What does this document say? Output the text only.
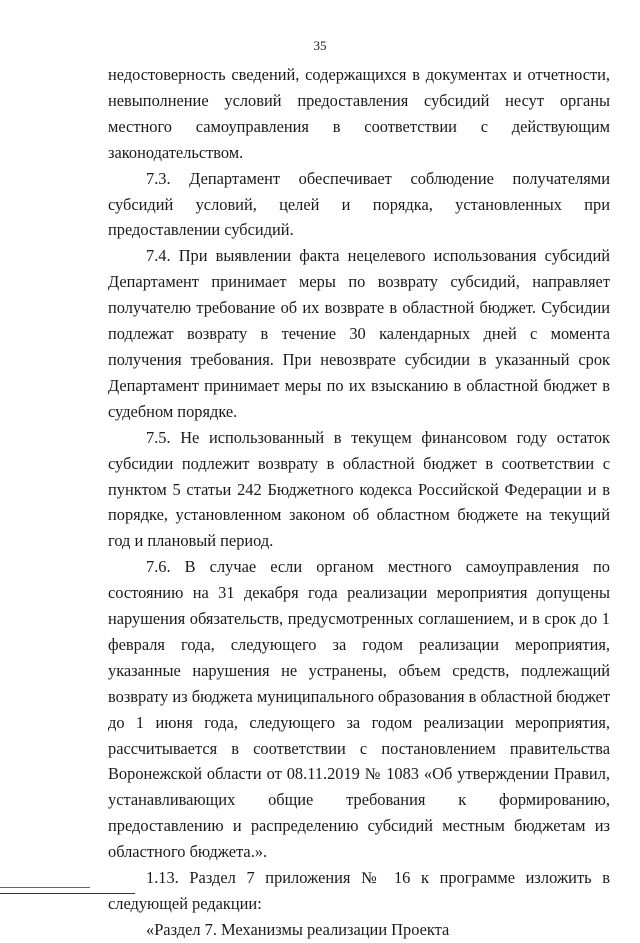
35

недостоверность сведений, содержащихся в документах и отчетности, невыполнение условий предоставления субсидий несут органы местного самоуправления в соответствии с действующим законодательством.

7.3. Департамент обеспечивает соблюдение получателями субсидий условий, целей и порядка, установленных при предоставлении субсидий.

7.4. При выявлении факта нецелевого использования субсидий Департамент принимает меры по возврату субсидий, направляет получателю требование об их возврате в областной бюджет. Субсидии подлежат возврату в течение 30 календарных дней с момента получения требования. При невозврате субсидии в указанный срок Департамент принимает меры по их взысканию в областной бюджет в судебном порядке.

7.5. Не использованный в текущем финансовом году остаток субсидии подлежит возврату в областной бюджет в соответствии с пунктом 5 статьи 242 Бюджетного кодекса Российской Федерации и в порядке, установленном законом об областном бюджете на текущий год и плановый период.

7.6. В случае если органом местного самоуправления по состоянию на 31 декабря года реализации мероприятия допущены нарушения обязательств, предусмотренных соглашением, и в срок до 1 февраля года, следующего за годом реализации мероприятия, указанные нарушения не устранены, объем средств, подлежащий возврату из бюджета муниципального образования в областной бюджет до 1 июня года, следующего за годом реализации мероприятия, рассчитывается в соответствии с постановлением правительства Воронежской области от 08.11.2019 № 1083 «Об утверждении Правил, устанавливающих общие требования к формированию, предоставлению и распределению субсидий местным бюджетам из областного бюджета.».

1.13. Раздел 7 приложения № 16 к программе изложить в следующей редакции:

«Раздел 7. Механизмы реализации Проекта
